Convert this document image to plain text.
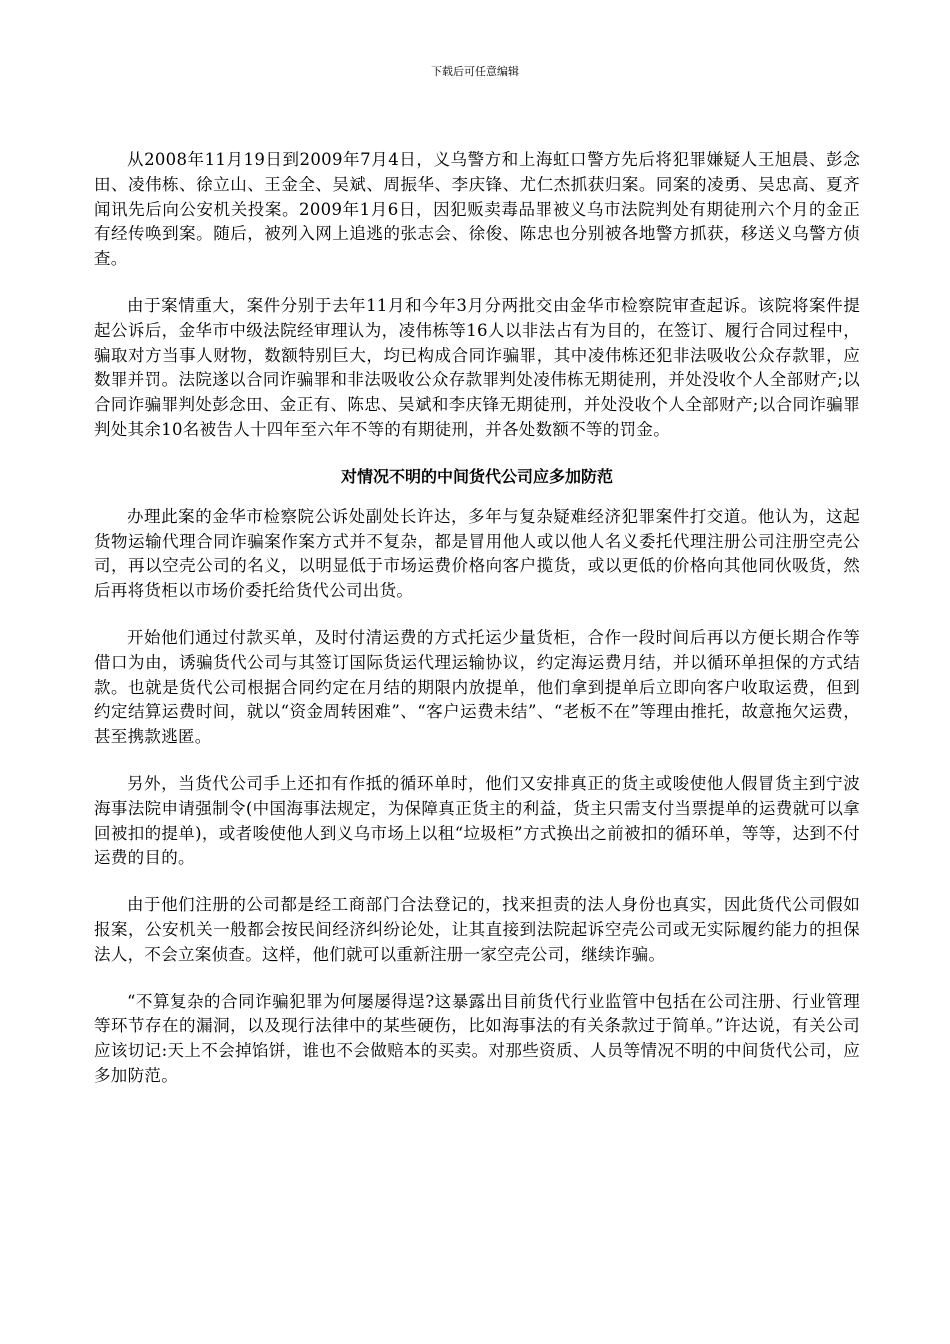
下载后可任意编辑

从2008年11月19日到2009年7月4日，义乌警方和上海虹口警方先后将犯罪嫌疑人王旭晨、彭念田、凌伟栋、徐立山、王金全、吴斌、周振华、李庆锋、尤仁杰抓获归案。同案的凌勇、吴忠高、夏齐闻讯先后向公安机关投案。2009年1月6日，因犯贩卖毒品罪被义乌市法院判处有期徒刑六个月的金正有经传唤到案。随后，被列入网上追逃的张志会、徐俊、陈忠也分别被各地警方抓获，移送义乌警方侦查。

由于案情重大，案件分别于去年11月和今年3月分两批交由金华市检察院审查起诉。该院将案件提起公诉后，金华市中级法院经审理认为，凌伟栋等16人以非法占有为目的，在签订、履行合同过程中，骗取对方当事人财物，数额特别巨大，均已构成合同诈骗罪，其中凌伟栋还犯非法吸收公众存款罪，应数罪并罚。法院遂以合同诈骗罪和非法吸收公众存款罪判处凌伟栋无期徒刑，并处没收个人全部财产;以合同诈骗罪判处彭念田、金正有、陈忠、吴斌和李庆锋无期徒刑，并处没收个人全部财产;以合同诈骗罪判处其余10名被告人十四年至六年不等的有期徒刑，并各处数额不等的罚金。

对情况不明的中间货代公司应多加防范

办理此案的金华市检察院公诉处副处长许达，多年与复杂疑难经济犯罪案件打交道。他认为，这起货物运输代理合同诈骗案作案方式并不复杂，都是冒用他人或以他人名义委托代理注册公司注册空壳公司，再以空壳公司的名义，以明显低于市场运费价格向客户揽货，或以更低的价格向其他同伙吸货，然后再将货柜以市场价委托给货代公司出货。

开始他们通过付款买单，及时付清运费的方式托运少量货柜，合作一段时间后再以方便长期合作等借口为由，诱骗货代公司与其签订国际货运代理运输协议，约定海运费月结，并以循环单担保的方式结款。也就是货代公司根据合同约定在月结的期限内放提单，他们拿到提单后立即向客户收取运费，但到约定结算运费时间，就以“资金周转困难”、“客户运费未结”、“老板不在”等理由推托，故意拖欠运费，甚至携款逃匿。

另外，当货代公司手上还扣有作抵的循环单时，他们又安排真正的货主或唆使他人假冒货主到宁波海事法院申请强制令(中国海事法规定，为保障真正货主的利益，货主只需支付当票提单的运费就可以拿回被扣的提单)，或者唆使他人到义乌市场上以租“垃圾柜”方式换出之前被扣的循环单，等等，达到不付运费的目的。

由于他们注册的公司都是经工商部门合法登记的，找来担责的法人身份也真实，因此货代公司假如报案，公安机关一般都会按民间经济纠纷论处，让其直接到法院起诉空壳公司或无实际履约能力的担保法人，不会立案侦查。这样，他们就可以重新注册一家空壳公司，继续诈骗。

“不算复杂的合同诈骗犯罪为何屡屡得逞?这暴露出目前货代行业监管中包括在公司注册、行业管理等环节存在的漏洞，以及现行法律中的某些硬伤，比如海事法的有关条款过于简单。”许达说，有关公司应该切记:天上不会掉馅饼，谁也不会做赔本的买卖。对那些资质、人员等情况不明的中间货代公司，应多加防范。
